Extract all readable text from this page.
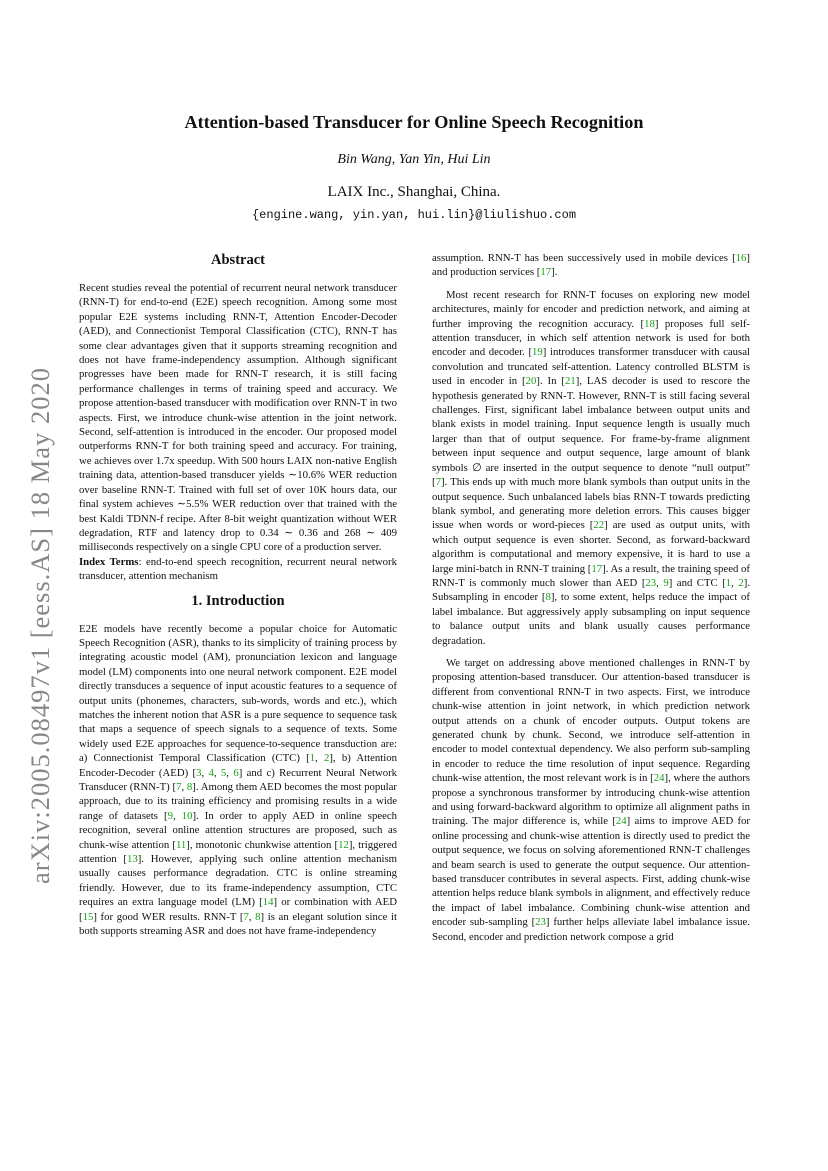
arXiv:2005.08497v1 [eess.AS] 18 May 2020
Attention-based Transducer for Online Speech Recognition
Bin Wang, Yan Yin, Hui Lin
LAIX Inc., Shanghai, China.
{engine.wang, yin.yan, hui.lin}@liulishuo.com
Abstract

Recent studies reveal the potential of recurrent neural network transducer (RNN-T) for end-to-end (E2E) speech recognition. Among some most popular E2E systems including RNN-T, Attention Encoder-Decoder (AED), and Connectionist Temporal Classification (CTC), RNN-T has some clear advantages given that it supports streaming recognition and does not have frame-independency assumption. Although significant progresses have been made for RNN-T research, it is still facing performance challenges in terms of training speed and accuracy. We propose attention-based transducer with modification over RNN-T in two aspects. First, we introduce chunk-wise attention in the joint network. Second, self-attention is introduced in the encoder. Our proposed model outperforms RNN-T for both training speed and accuracy. For training, we achieves over 1.7x speedup. With 500 hours LAIX non-native English training data, attention-based transducer yields ∼10.6% WER reduction over baseline RNN-T. Trained with full set of over 10K hours data, our final system achieves ∼5.5% WER reduction over that trained with the best Kaldi TDNN-f recipe. After 8-bit weight quantization without WER degradation, RTF and latency drop to 0.34 ∼ 0.36 and 268 ∼ 409 milliseconds respectively on a single CPU core of a production server.

Index Terms: end-to-end speech recognition, recurrent neural network transducer, attention mechanism

1. Introduction

E2E models have recently become a popular choice for Automatic Speech Recognition (ASR), thanks to its simplicity of training process by integrating acoustic model (AM), pronunciation lexicon and language model (LM) components into one neural network component. E2E model directly transduces a sequence of input acoustic features to a sequence of output units (phonemes, characters, sub-words, words and etc.), which matches the inherent notion that ASR is a pure sequence to sequence task that maps a sequence of speech signals to a sequence of texts. Some widely used E2E approaches for sequence-to-sequence transduction are: a) Connectionist Temporal Classification (CTC) [1, 2], b) Attention Encoder-Decoder (AED) [3, 4, 5, 6] and c) Recurrent Neural Network Transducer (RNN-T) [7, 8]. Among them AED becomes the most popular approach, due to its training efficiency and promising results in a wide range of datasets [9, 10]. In order to apply AED in online speech recognition, several online attention structures are proposed, such as chunk-wise attention [11], monotonic chunkwise attention [12], triggered attention [13]. However, applying such online attention mechanism usually causes performance degradation. CTC is online streaming friendly. However, due to its frame-independency assumption, CTC requires an extra language model (LM) [14] or combination with AED [15] for good WER results. RNN-T [7, 8] is an elegant solution since it both supports streaming ASR and does not have frame-independency

assumption. RNN-T has been successively used in mobile devices [16] and production services [17].

Most recent research for RNN-T focuses on exploring new model architectures, mainly for encoder and prediction network, and aiming at further improving the recognition accuracy. [18] proposes full self-attention transducer, in which self attention network is used for both encoder and decoder. [19] introduces transformer transducer with causal convolution and truncated self-attention. Latency controlled BLSTM is used in encoder in [20]. In [21], LAS decoder is used to rescore the hypothesis generated by RNN-T. However, RNN-T is still facing several challenges. First, significant label imbalance between output units and blank exists in model training. Input sequence length is usually much larger than that of output sequence. For frame-by-frame alignment between input sequence and output sequence, large amount of blank symbols ∅ are inserted in the output sequence to denote “null output” [7]. This ends up with much more blank symbols than output units in the output sequence. Such unbalanced labels bias RNN-T towards predicting blank symbol, and generating more deletion errors. This causes bigger issue when words or word-pieces [22] are used as output units, with which output sequence is even shorter. Second, as forward-backward algorithm is computational and memory expensive, it is hard to use a large mini-batch in RNN-T training [17]. As a result, the training speed of RNN-T is commonly much slower than AED [23, 9] and CTC [1, 2]. Subsampling in encoder [8], to some extent, helps reduce the impact of label imbalance. But aggressively apply subsampling on input sequence to balance output units and blank usually causes performance degradation.

We target on addressing above mentioned challenges in RNN-T by proposing attention-based transducer. Our attention-based transducer is different from conventional RNN-T in two aspects. First, we introduce chunk-wise attention in joint network, in which prediction network output attends on a chunk of encoder outputs. Output tokens are generated chunk by chunk. Second, we introduce self-attention in encoder to model contextual dependency. We also perform sub-sampling in encoder to reduce the time resolution of input sequence. Regarding chunk-wise attention, the most relevant work is in [24], where the authors propose a synchronous transformer by introducing chunk-wise attention and using forward-backward algorithm to optimize all alignment paths in training. The major difference is, while [24] aims to improve AED for online processing and chunk-wise attention is directly used to predict the output sequence, we focus on solving aforementioned RNN-T challenges and beam search is used to generate the output sequence. Our attention-based transducer contributes in several aspects. First, adding chunk-wise attention helps reduce blank symbols in alignment, and effectively reduce the impact of label imbalance. Combining chunk-wise attention and encoder sub-sampling [23] further helps alleviate label imbalance issue. Second, encoder and prediction network compose a grid
